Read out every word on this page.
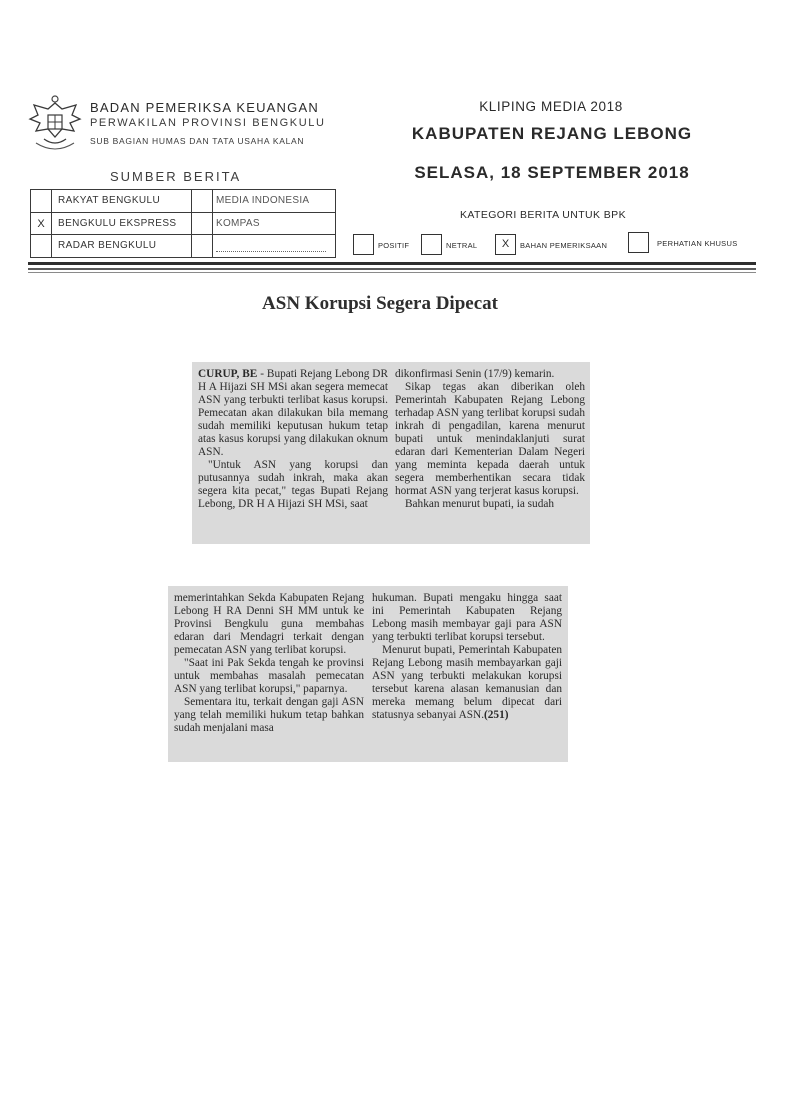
BADAN PEMERIKSA KEUANGAN
PERWAKILAN PROVINSI BENGKULU
SUB BAGIAN HUMAS DAN TATA USAHA KALAN
KLIPING MEDIA 2018
KABUPATEN REJANG LEBONG
SELASA, 18 SEPTEMBER 2018
SUMBER BERITA
RAKYAT BENGKULU	MEDIA INDONESIA
X	BENGKULU EKSPRESS	KOMPAS
RADAR BENGKULU
KATEGORI BERITA UNTUK BPK
POSITIF	NETRAL	X	BAHAN PEMERIKSAAN	PERHATIAN KHUSUS
ASN Korupsi Segera Dipecat

CURUP, BE - Bupati Rejang Lebong DR H A Hijazi SH MSi akan segera memecat ASN yang terbukti terlibat kasus korupsi. Pemecatan akan dilakukan bila memang sudah memiliki keputusan hukum tetap atas kasus korupsi yang dilakukan oknum ASN.

"Untuk ASN yang korupsi dan putusannya sudah inkrah, maka akan segera kita pecat," tegas Bupati Rejang Lebong, DR H A Hijazi SH MSi, saat

dikonfirmasi Senin (17/9) kemarin.

Sikap tegas akan diberikan oleh Pemerintah Kabupaten Rejang Lebong terhadap ASN yang terlibat korupsi sudah inkrah di pengadilan, karena menurut bupati untuk menindaklanjuti surat edaran dari Kementerian Dalam Negeri yang meminta kepada daerah untuk segera memberhentikan secara tidak hormat ASN yang terjerat kasus korupsi.

Bahkan menurut bupati, ia sudah

memerintahkan Sekda Kabupaten Rejang Lebong H RA Denni SH MM untuk ke Provinsi Bengkulu guna membahas edaran dari Mendagri terkait dengan pemecatan ASN yang terlibat korupsi.

"Saat ini Pak Sekda tengah ke provinsi untuk membahas masalah pemecatan ASN yang terlibat korupsi," paparnya.

Sementara itu, terkait dengan gaji ASN yang telah memiliki hukum tetap bahkan sudah menjalani masa

hukuman. Bupati mengaku hingga saat ini Pemerintah Kabupaten Rejang Lebong masih membayar gaji para ASN yang terbukti terlibat korupsi tersebut.

Menurut bupati, Pemerintah Kabupaten Rejang Lebong masih membayarkan gaji ASN yang terbukti melakukan korupsi tersebut karena alasan kemanusian dan mereka memang belum dipecat dari statusnya sebanyai ASN.(251)
